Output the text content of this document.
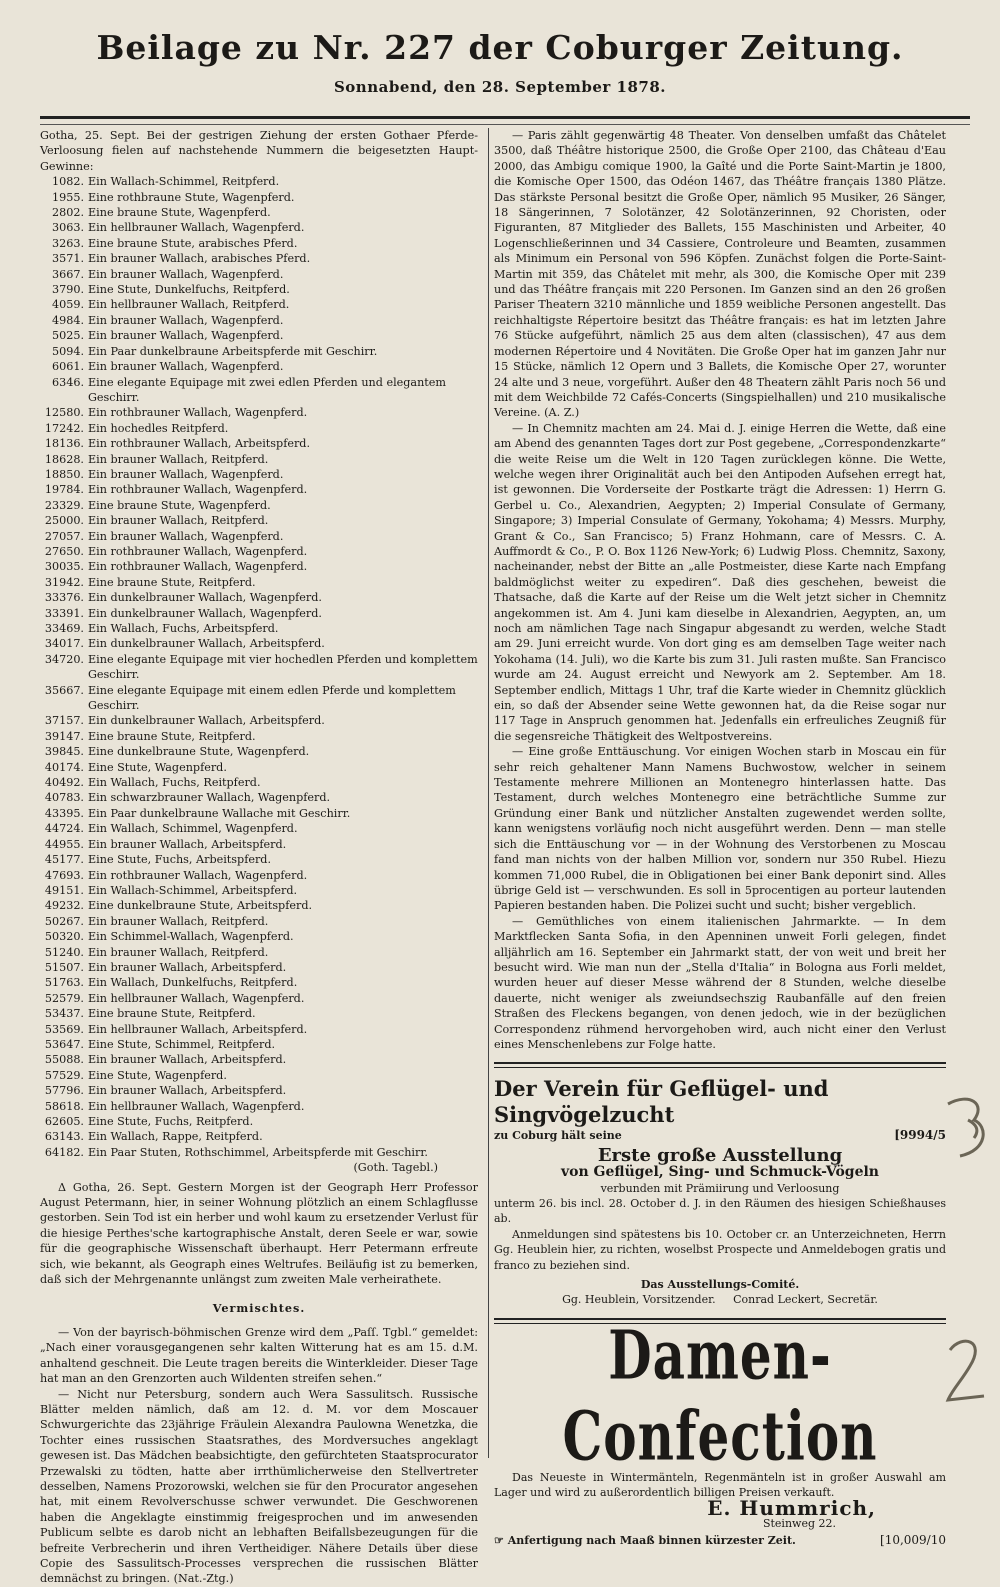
Beilage zu Nr. 227 der Coburger Zeitung.
Sonnabend, den 28. September 1878.

Gotha, 25. Sept. Bei der gestrigen Ziehung der ersten Gothaer Pferde-Verloosung fielen auf nachstehende Nummern die beigesetzten Haupt-Gewinne:

1082. Ein Wallach-Schimmel, Reitpferd.
1955. Eine rothbraune Stute, Wagenpferd.
2802. Eine braune Stute, Wagenpferd.
3063. Ein hellbrauner Wallach, Wagenpferd.
3263. Eine braune Stute, arabisches Pferd.
3571. Ein brauner Wallach, arabisches Pferd.
3667. Ein brauner Wallach, Wagenpferd.
3790. Eine Stute, Dunkelfuchs, Reitpferd.
4059. Ein hellbrauner Wallach, Reitpferd.
4984. Ein brauner Wallach, Wagenpferd.
5025. Ein brauner Wallach, Wagenpferd.
5094. Ein Paar dunkelbraune Arbeitspferde mit Geschirr.
6061. Ein brauner Wallach, Wagenpferd.
6346. Eine elegante Equipage mit zwei edlen Pferden und elegantem Geschirr.
12580. Ein rothbrauner Wallach, Wagenpferd.
17242. Ein hochedles Reitpferd.
18136. Ein rothbrauner Wallach, Arbeitspferd.
18628. Ein brauner Wallach, Reitpferd.
18850. Ein brauner Wallach, Wagenpferd.
19784. Ein rothbrauner Wallach, Wagenpferd.
23329. Eine braune Stute, Wagenpferd.
25000. Ein brauner Wallach, Reitpferd.
27057. Ein brauner Wallach, Wagenpferd.
27650. Ein rothbrauner Wallach, Wagenpferd.
30035. Ein rothbrauner Wallach, Wagenpferd.
31942. Eine braune Stute, Reitpferd.
33376. Ein dunkelbrauner Wallach, Wagenpferd.
33391. Ein dunkelbrauner Wallach, Wagenpferd.
33469. Ein Wallach, Fuchs, Arbeitspferd.
34017. Ein dunkelbrauner Wallach, Arbeitspferd.
34720. Eine elegante Equipage mit vier hochedlen Pferden und komplettem Geschirr.
35667. Eine elegante Equipage mit einem edlen Pferde und komplettem Geschirr.
37157. Ein dunkelbrauner Wallach, Arbeitspferd.
39147. Eine braune Stute, Reitpferd.
39845. Eine dunkelbraune Stute, Wagenpferd.
40174. Eine Stute, Wagenpferd.
40492. Ein Wallach, Fuchs, Reitpferd.
40783. Ein schwarzbrauner Wallach, Wagenpferd.
43395. Ein Paar dunkelbraune Wallache mit Geschirr.
44724. Ein Wallach, Schimmel, Wagenpferd.
44955. Ein brauner Wallach, Arbeitspferd.
45177. Eine Stute, Fuchs, Arbeitspferd.
47693. Ein rothbrauner Wallach, Wagenpferd.
49151. Ein Wallach-Schimmel, Arbeitspferd.
49232. Eine dunkelbraune Stute, Arbeitspferd.
50267. Ein brauner Wallach, Reitpferd.
50320. Ein Schimmel-Wallach, Wagenpferd.
51240. Ein brauner Wallach, Reitpferd.
51507. Ein brauner Wallach, Arbeitspferd.
51763. Ein Wallach, Dunkelfuchs, Reitpferd.
52579. Ein hellbrauner Wallach, Wagenpferd.
53437. Eine braune Stute, Reitpferd.
53569. Ein hellbrauner Wallach, Arbeitspferd.
53647. Eine Stute, Schimmel, Reitpferd.
55088. Ein brauner Wallach, Arbeitspferd.
57529. Eine Stute, Wagenpferd.
57796. Ein brauner Wallach, Arbeitspferd.
58618. Ein hellbrauner Wallach, Wagenpferd.
62605. Eine Stute, Fuchs, Reitpferd.
63143. Ein Wallach, Rappe, Reitpferd.
64182. Ein Paar Stuten, Rothschimmel, Arbeitspferde mit Geschirr.

(Goth. Tagebl.)

Δ Gotha, 26. Sept. Gestern Morgen ist der Geograph Herr Professor August Petermann, hier, in seiner Wohnung plötzlich an einem Schlagflusse gestorben. Sein Tod ist ein herber und wohl kaum zu ersetzender Verlust für die hiesige Perthes'sche kartographische Anstalt, deren Seele er war, sowie für die geographische Wissenschaft überhaupt. Herr Petermann erfreute sich, wie bekannt, als Geograph eines Weltrufes. Beiläufig ist zu bemerken, daß sich der Mehrgenannte unlängst zum zweiten Male verheirathete.

Vermischtes.

— Von der bayrisch-böhmischen Grenze wird dem „Paſſ. Tgbl.“ gemeldet: „Nach einer vorausgegangenen sehr kalten Witterung hat es am 15. d.M. anhaltend geschneit. Die Leute tragen bereits die Winterkleider. Dieser Tage hat man an den Grenzorten auch Wildenten streifen sehen.“

— Nicht nur Petersburg, sondern auch Wera Sassulitsch. Russische Blätter melden nämlich, daß am 12. d. M. vor dem Moscauer Schwurgerichte das 23jährige Fräulein Alexandra Paulowna Wenetzka, die Tochter eines russischen Staatsrathes, des Mordversuches angeklagt gewesen ist. Das Mädchen beabsichtigte, den gefürchteten Staatsprocurator Przewalski zu tödten, hatte aber irrthümlicherweise den Stellvertreter desselben, Namens Prozorowski, welchen sie für den Procurator angesehen hat, mit einem Revolverschusse schwer verwundet. Die Geschworenen haben die Angeklagte einstimmig freigesprochen und im anwesenden Publicum selbte es darob nicht an lebhaften Beifallsbezeugungen für die befreite Verbrecherin und ihren Vertheidiger. Nähere Details über diese Copie des Sassulitsch-Processes versprechen die russischen Blätter demnächst zu bringen. (Nat.-Ztg.)

— Paris zählt gegenwärtig 48 Theater. Von denselben umfaßt das Châtelet 3500, daß Théâtre historique 2500, die Große Oper 2100, das Château d'Eau 2000, das Ambigu comique 1900, la Gaîté und die Porte Saint-Martin je 1800, die Komische Oper 1500, das Odéon 1467, das Théâtre français 1380 Plätze. Das stärkste Personal besitzt die Große Oper, nämlich 95 Musiker, 26 Sänger, 18 Sängerinnen, 7 Solotänzer, 42 Solotänzerinnen, 92 Choristen, oder Figuranten, 87 Mitglieder des Ballets, 155 Maschinisten und Arbeiter, 40 Logenschließerinnen und 34 Cassiere, Controleure und Beamten, zusammen als Minimum ein Personal von 596 Köpfen. Zunächst folgen die Porte-Saint-Martin mit 359, das Châtelet mit mehr, als 300, die Komische Oper mit 239 und das Théâtre français mit 220 Personen. Im Ganzen sind an den 26 großen Pariser Theatern 3210 männliche und 1859 weibliche Personen angestellt. Das reichhaltigste Répertoire besitzt das Théâtre français: es hat im letzten Jahre 76 Stücke aufgeführt, nämlich 25 aus dem alten (classischen), 47 aus dem modernen Répertoire und 4 Novitäten. Die Große Oper hat im ganzen Jahr nur 15 Stücke, nämlich 12 Opern und 3 Ballets, die Komische Oper 27, worunter 24 alte und 3 neue, vorgeführt. Außer den 48 Theatern zählt Paris noch 56 und mit dem Weichbilde 72 Cafés-Concerts (Singspielhallen) und 210 musikalische Vereine. (A. Z.)

— In Chemnitz machten am 24. Mai d. J. einige Herren die Wette, daß eine am Abend des genannten Tages dort zur Post gegebene, „Correspondenzkarte“ die weite Reise um die Welt in 120 Tagen zurücklegen könne. Die Wette, welche wegen ihrer Originalität auch bei den Antipoden Aufsehen erregt hat, ist gewonnen. Die Vorderseite der Postkarte trägt die Adressen: 1) Herrn G. Gerbel u. Co., Alexandrien, Aegypten; 2) Imperial Consulate of Germany, Singapore; 3) Imperial Consulate of Germany, Yokohama; 4) Messrs. Murphy, Grant & Co., San Francisco; 5) Franz Hohmann, care of Messrs. C. A. Auffmordt & Co., P. O. Box 1126 New-York; 6) Ludwig Ploss. Chemnitz, Saxony, nacheinander, nebst der Bitte an „alle Postmeister, diese Karte nach Empfang baldmöglichst weiter zu expediren“. Daß dies geschehen, beweist die Thatsache, daß die Karte auf der Reise um die Welt jetzt sicher in Chemnitz angekommen ist. Am 4. Juni kam dieselbe in Alexandrien, Aegypten, an, um noch am nämlichen Tage nach Singapur abgesandt zu werden, welche Stadt am 29. Juni erreicht wurde. Von dort ging es am demselben Tage weiter nach Yokohama (14. Juli), wo die Karte bis zum 31. Juli rasten mußte. San Francisco wurde am 24. August erreicht und Newyork am 2. September. Am 18. September endlich, Mittags 1 Uhr, traf die Karte wieder in Chemnitz glücklich ein, so daß der Absender seine Wette gewonnen hat, da die Reise sogar nur 117 Tage in Anspruch genommen hat. Jedenfalls ein erfreuliches Zeugniß für die segensreiche Thätigkeit des Weltpostvereins.

— Eine große Enttäuschung. Vor einigen Wochen starb in Moscau ein für sehr reich gehaltener Mann Namens Buchwostow, welcher in seinem Testamente mehrere Millionen an Montenegro hinterlassen hatte. Das Testament, durch welches Montenegro eine beträchtliche Summe zur Gründung einer Bank und nützlicher Anstalten zugewendet werden sollte, kann wenigstens vorläufig noch nicht ausgeführt werden. Denn — man stelle sich die Enttäuschung vor — in der Wohnung des Verstorbenen zu Moscau fand man nichts von der halben Million vor, sondern nur 350 Rubel. Hiezu kommen 71,000 Rubel, die in Obligationen bei einer Bank deponirt sind. Alles übrige Geld ist — verschwunden. Es soll in 5procentigen au porteur lautenden Papieren bestanden haben. Die Polizei sucht und sucht; bisher vergeblich.

— Gemüthliches von einem italienischen Jahrmarkte. — In dem Marktflecken Santa Sofia, in den Apenninen unweit Forli gelegen, findet alljährlich am 16. September ein Jahrmarkt statt, der von weit und breit her besucht wird. Wie man nun der „Stella d'Italia“ in Bologna aus Forli meldet, wurden heuer auf dieser Messe während der 8 Stunden, welche dieselbe dauerte, nicht weniger als zweiundsechszig Raubanfälle auf den freien Straßen des Fleckens begangen, von denen jedoch, wie in der bezüglichen Correspondenz rühmend hervorgehoben wird, auch nicht einer den Verlust eines Menschenlebens zur Folge hatte.

Der Verein für Geflügel- und Singvögelzucht
zu Coburg hält seine	[9994/5
Erste große Ausstellung
von Geflügel, Sing- und Schmuck-Vögeln
verbunden mit Prämiirung und Verloosung

unterm 26. bis incl. 28. October d. J. in den Räumen des hiesigen Schießhauses ab.

Anmeldungen sind spätestens bis 10. October cr. an Unterzeichneten, Herrn Gg. Heublein hier, zu richten, woselbst Prospecte und Anmeldebogen gratis und franco zu beziehen sind.

Das Ausstellungs-Comité.
Gg. Heublein, Vorsitzender.     Conrad Leckert, Secretär.
Damen-Confection

Das Neueste in Wintermänteln, Regenmänteln ist in großer Auswahl am Lager und wird zu außerordentlich billigen Preisen verkauft.

E. Hummrich,
Steinweg 22.
☞ Anfertigung nach Maaß binnen kürzester Zeit.	[10,009/10
